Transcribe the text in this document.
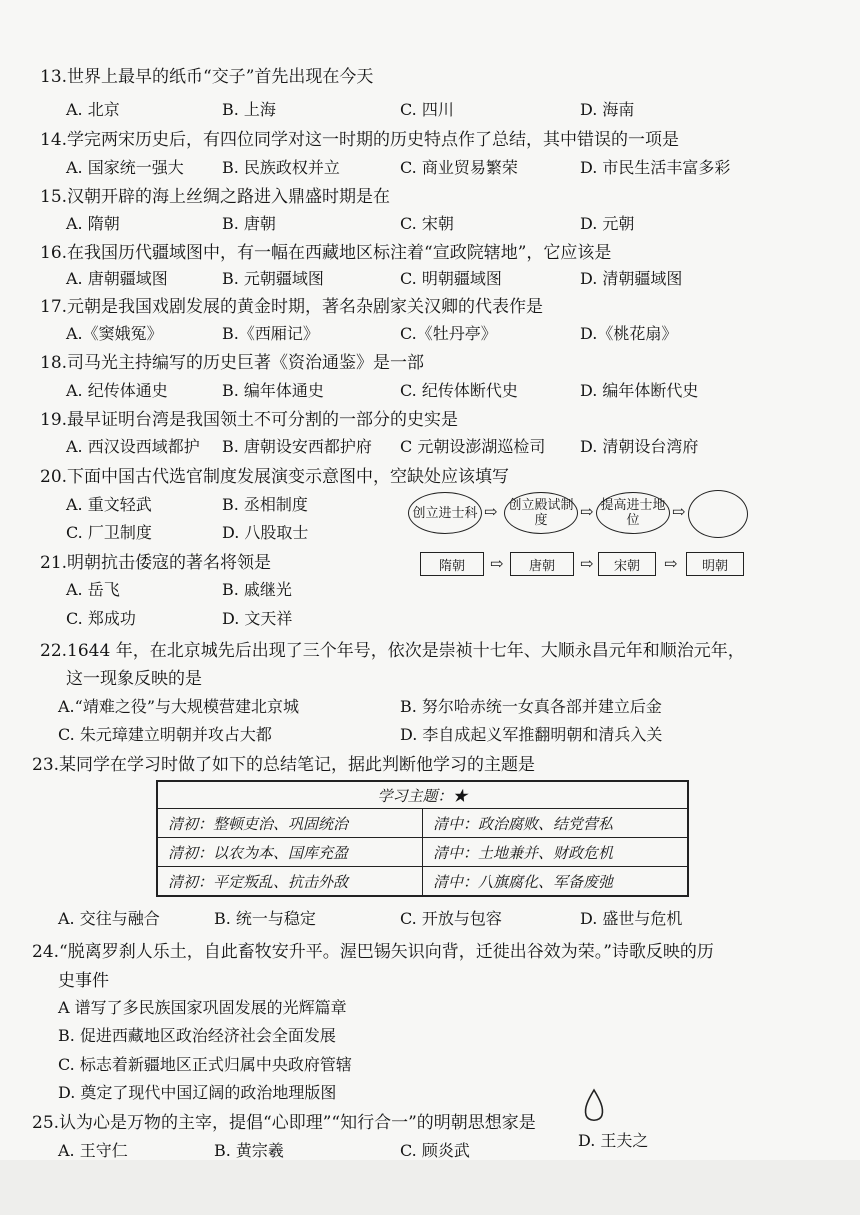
13.世界上最早的纸币“交子”首先出现在今天
A. 北京	B. 上海	C. 四川	D. 海南
14.学完两宋历史后，有四位同学对这一时期的历史特点作了总结，其中错误的一项是
A. 国家统一强大 B. 民族政权并立	C. 商业贸易繁荣	D. 市民生活丰富多彩
15.汉朝开辟的海上丝绸之路进入鼎盛时期是在
A. 隋朝	B. 唐朝	C. 宋朝	D. 元朝
16.在我国历代疆域图中，有一幅在西藏地区标注着“宣政院辖地”，它应该是
A. 唐朝疆域图	B. 元朝疆域图	C. 明朝疆域图	D. 清朝疆域图
17.元朝是我国戏剧发展的黄金时期，著名杂剧家关汉卿的代表作是
A.《窦娥冤》	B.《西厢记》	C.《牡丹亭》	D.《桃花扇》
18.司马光主持编写的历史巨著《资治通鉴》是一部
A. 纪传体通史	B. 编年体通史	C. 纪传体断代史	D. 编年体断代史
19.最早证明台湾是我国领土不可分割的一部分的史实是
A. 西汉设西域都护 B. 唐朝设安西都护府 C 元朝设澎湖巡检司 D. 清朝设台湾府
20.下面中国古代选官制度发展演变示意图中，空缺处应该填写
A. 重文轻武	B. 丞相制度
C. 厂卫制度	D. 八股取士
创立进士科 ⇨ 创立殿试制度	⇨ 提高进士地位	⇨
隋朝	⇨	唐朝	⇨	宋朝	⇨	明朝
21.明朝抗击倭寇的著名将领是
A. 岳飞	B. 戚继光
C. 郑成功	D. 文天祥
22.1644 年，在北京城先后出现了三个年号，依次是崇祯十七年、大顺永昌元年和顺治元年，
这一现象反映的是
A.“靖难之役”与大规模营建北京城	B. 努尔哈赤统一女真各部并建立后金
C. 朱元璋建立明朝并攻占大都	D. 李自成起义军推翻明朝和清兵入关
23.某同学在学习时做了如下的总结笔记，据此判断他学习的主题是
学习主题：★	
清初：整顿吏治、巩固统治	清中：政治腐败、结党营私
清初：以农为本、国库充盈	清中：土地兼并、财政危机
清初：平定叛乱、抗击外敌	清中：八旗腐化、军备废弛
A. 交往与融合	B. 统一与稳定	C. 开放与包容	D. 盛世与危机
24.“脱离罗刹人乐土，自此畜牧安升平。渥巴锡矢识向背，迁徙出谷效为荣。”诗歌反映的历
史事件
A 谱写了多民族国家巩固发展的光辉篇章
B. 促进西藏地区政治经济社会全面发展
C. 标志着新疆地区正式归属中央政府管辖
D. 奠定了现代中国辽阔的政治地理版图
25.认为心是万物的主宰，提倡“心即理”“知行合一”的明朝思想家是
A. 王守仁	B. 黄宗羲	C. 顾炎武
D. 王夫之
